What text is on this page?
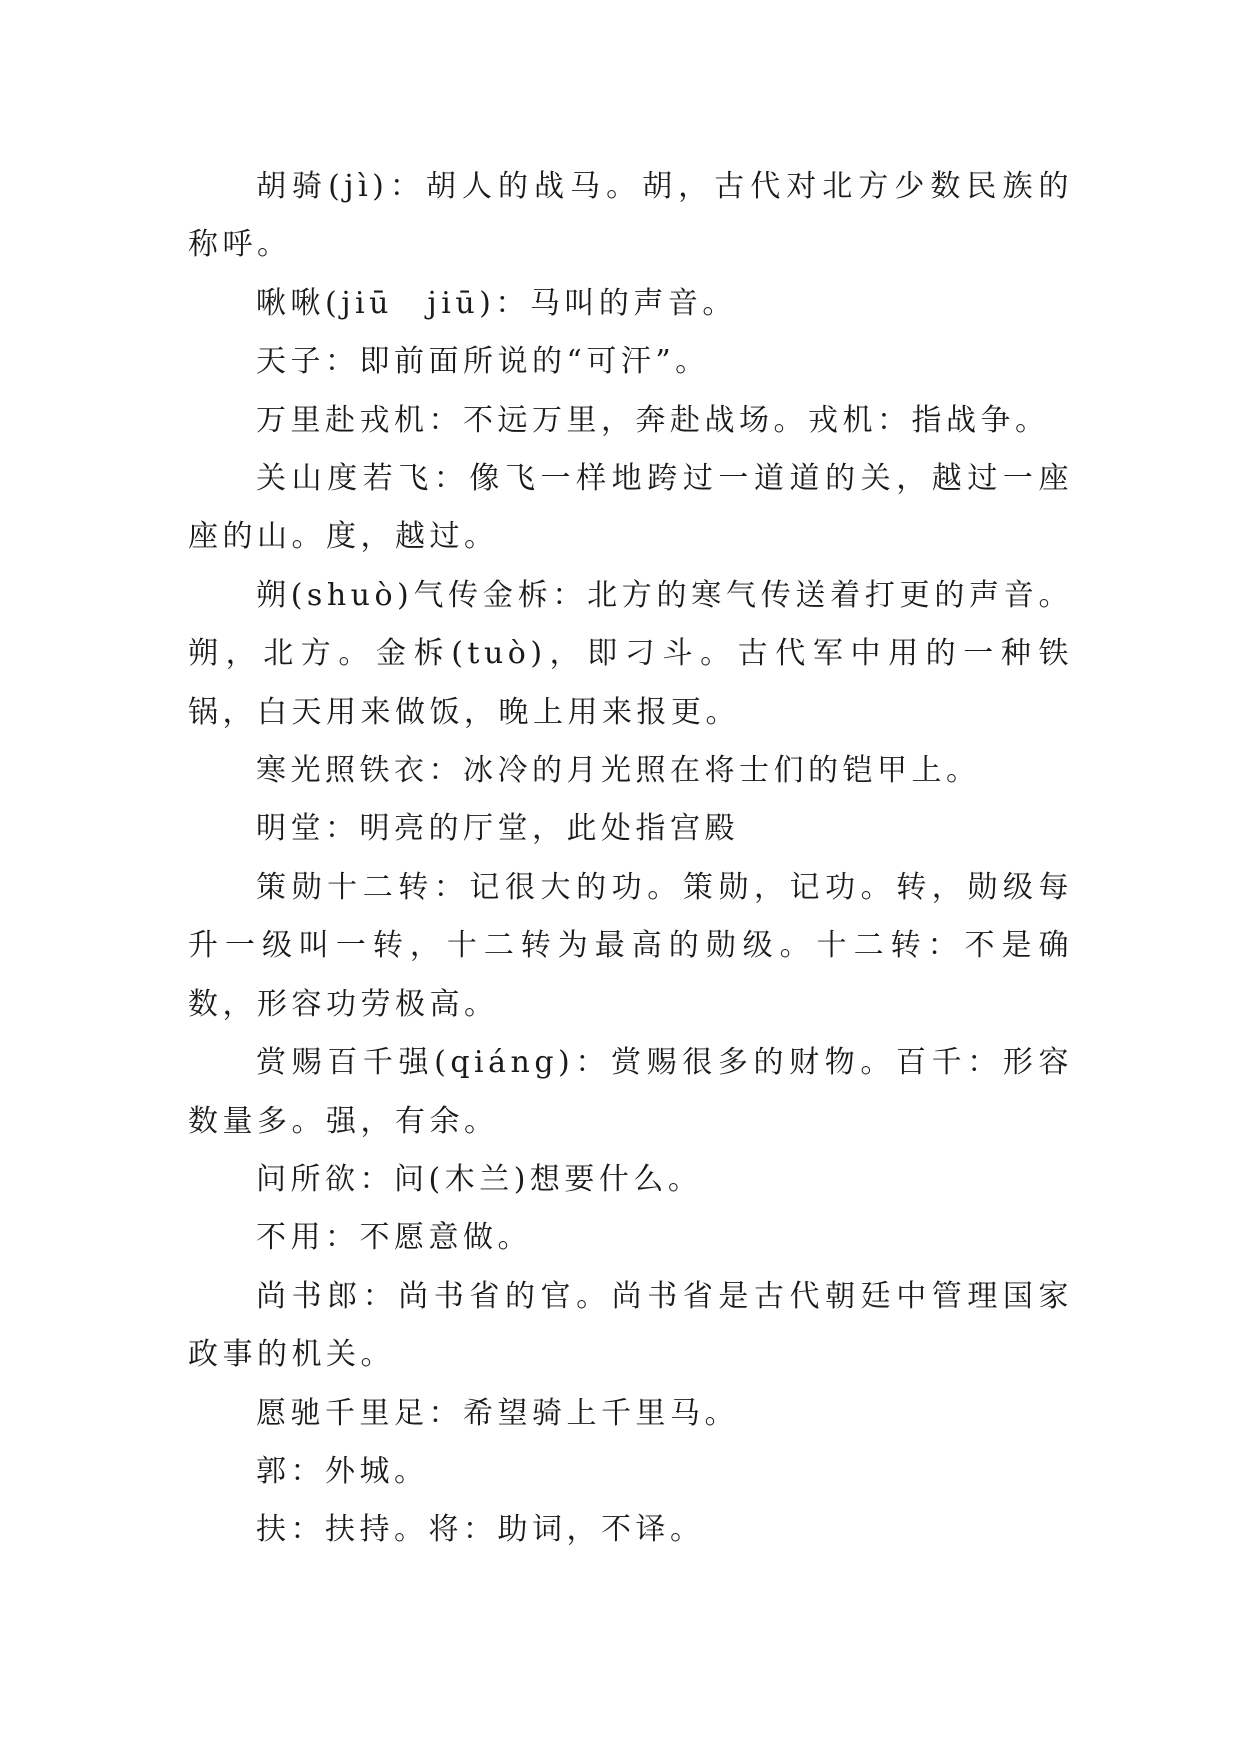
胡骑(jì)：胡人的战马。胡，古代对北方少数民族的称呼。

啾啾(jiū　jiū)：马叫的声音。

天子：即前面所说的“可汗”。

万里赴戎机：不远万里，奔赴战场。戎机：指战争。

关山度若飞：像飞一样地跨过一道道的关，越过一座座的山。度，越过。

朔(shuò)气传金柝：北方的寒气传送着打更的声音。朔，北方。金柝(tuò)，即刁斗。古代军中用的一种铁锅，白天用来做饭，晚上用来报更。

寒光照铁衣：冰冷的月光照在将士们的铠甲上。

明堂：明亮的厅堂，此处指宫殿

策勋十二转：记很大的功。策勋，记功。转，勋级每升一级叫一转，十二转为最高的勋级。十二转：不是确数，形容功劳极高。

赏赐百千强(qiáng)：赏赐很多的财物。百千：形容数量多。强，有余。

问所欲：问(木兰)想要什么。

不用：不愿意做。

尚书郎：尚书省的官。尚书省是古代朝廷中管理国家政事的机关。

愿驰千里足：希望骑上千里马。

郭：外城。

扶：扶持。将：助词，不译。
